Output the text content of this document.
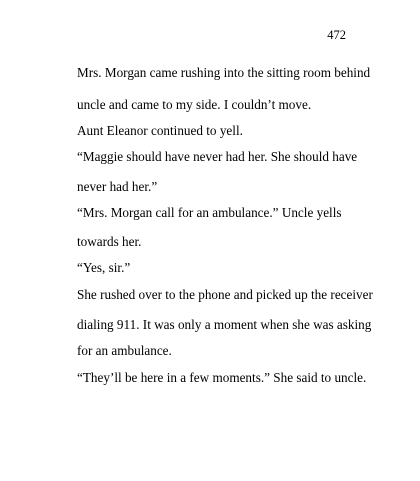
472
Mrs. Morgan came rushing into the sitting room behind
uncle and came to my side. I couldn’t move.
Aunt Eleanor continued to yell.
“Maggie should have never had her. She should have
never had her.”
“Mrs. Morgan call for an ambulance.” Uncle yells
towards her.
“Yes, sir.”
She rushed over to the phone and picked up the receiver
dialing 911. It was only a moment when she was asking
for an ambulance.
“They’ll be here in a few moments.” She said to uncle.
